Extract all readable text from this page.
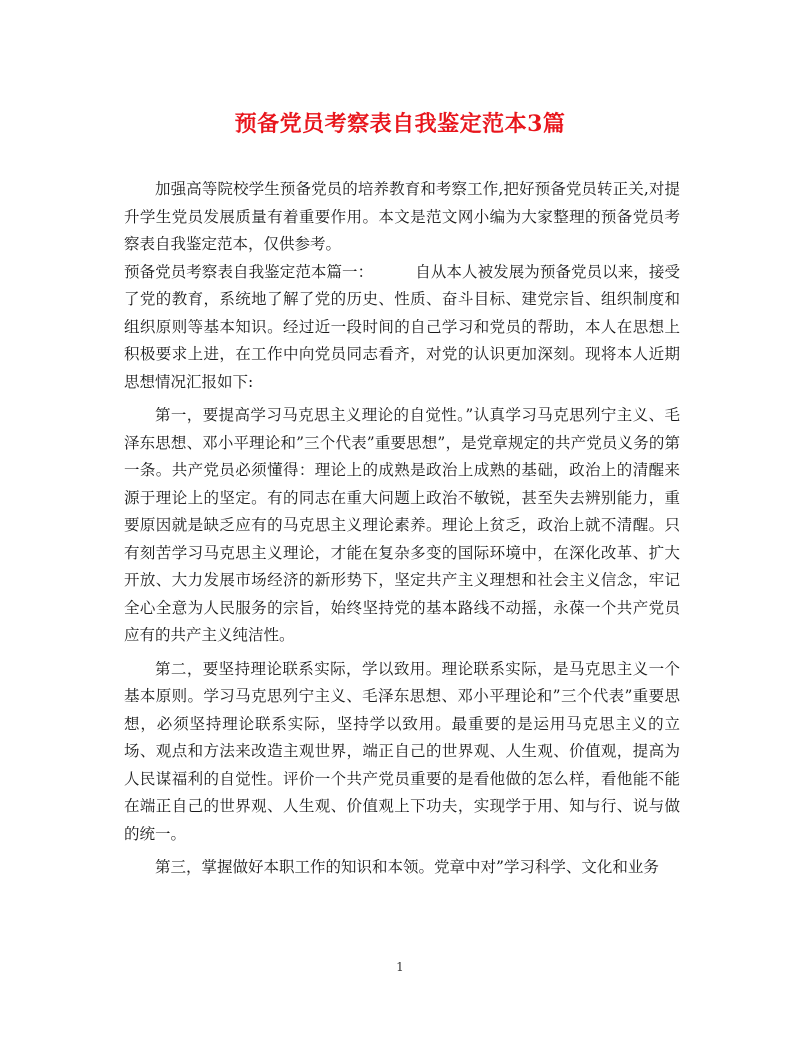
预备党员考察表自我鉴定范本3篇

加强高等院校学生预备党员的培养教育和考察工作,把好预备党员转正关,对提升学生党员发展质量有着重要作用。本文是范文网小编为大家整理的预备党员考察表自我鉴定范本，仅供参考。

预备党员考察表自我鉴定范本篇一：	自从本人被发展为预备党员以来，接受了党的教育，系统地了解了党的历史、性质、奋斗目标、建党宗旨、组织制度和组织原则等基本知识。经过近一段时间的自己学习和党员的帮助，本人在思想上积极要求上进，在工作中向党员同志看齐，对党的认识更加深刻。现将本人近期思想情况汇报如下:

第一，要提高学习马克思主义理论的自觉性。”认真学习马克思列宁主义、毛泽东思想、邓小平理论和”三个代表”重要思想”，是党章规定的共产党员义务的第一条。共产党员必须懂得：理论上的成熟是政治上成熟的基础，政治上的清醒来源于理论上的坚定。有的同志在重大问题上政治不敏锐，甚至失去辨别能力，重要原因就是缺乏应有的马克思主义理论素养。理论上贫乏，政治上就不清醒。只有刻苦学习马克思主义理论，才能在复杂多变的国际环境中，在深化改革、扩大开放、大力发展市场经济的新形势下，坚定共产主义理想和社会主义信念，牢记全心全意为人民服务的宗旨，始终坚持党的基本路线不动摇，永葆一个共产党员应有的共产主义纯洁性。

第二，要坚持理论联系实际，学以致用。理论联系实际，是马克思主义一个基本原则。学习马克思列宁主义、毛泽东思想、邓小平理论和”三个代表”重要思想，必须坚持理论联系实际，坚持学以致用。最重要的是运用马克思主义的立场、观点和方法来改造主观世界，端正自己的世界观、人生观、价值观，提高为人民谋福利的自觉性。评价一个共产党员重要的是看他做的怎么样，看他能不能在端正自己的世界观、人生观、价值观上下功夫，实现学于用、知与行、说与做的统一。

第三，掌握做好本职工作的知识和本领。党章中对”学习科学、文化和业务

1
